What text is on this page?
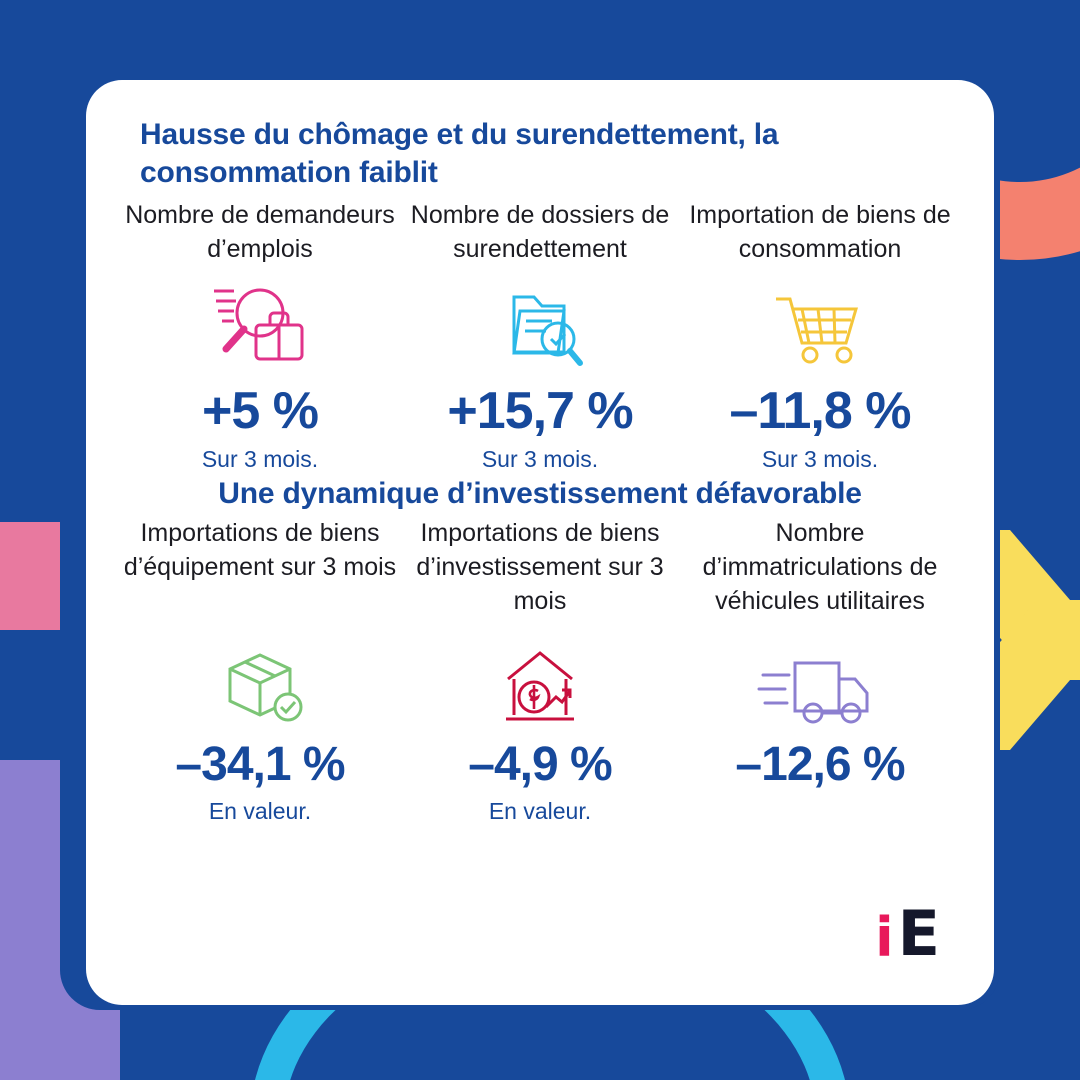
Hausse du chômage et du surendettement, la consommation faiblit
Nombre de demandeurs d’emplois
+5 %
Sur 3 mois.
Nombre de dossiers de surendettement
+15,7 %
Sur 3 mois.
Importation de biens de consommation
–11,8 %
Sur 3 mois.
Une dynamique d’investissement défavorable
Importations de biens d’équipement sur 3 mois
–34,1 %
En valeur.
Importations de biens d’investissement sur 3 mois
–4,9 %
En valeur.
Nombre d’immatriculations de véhicules utilitaires
–12,6 %
i E
